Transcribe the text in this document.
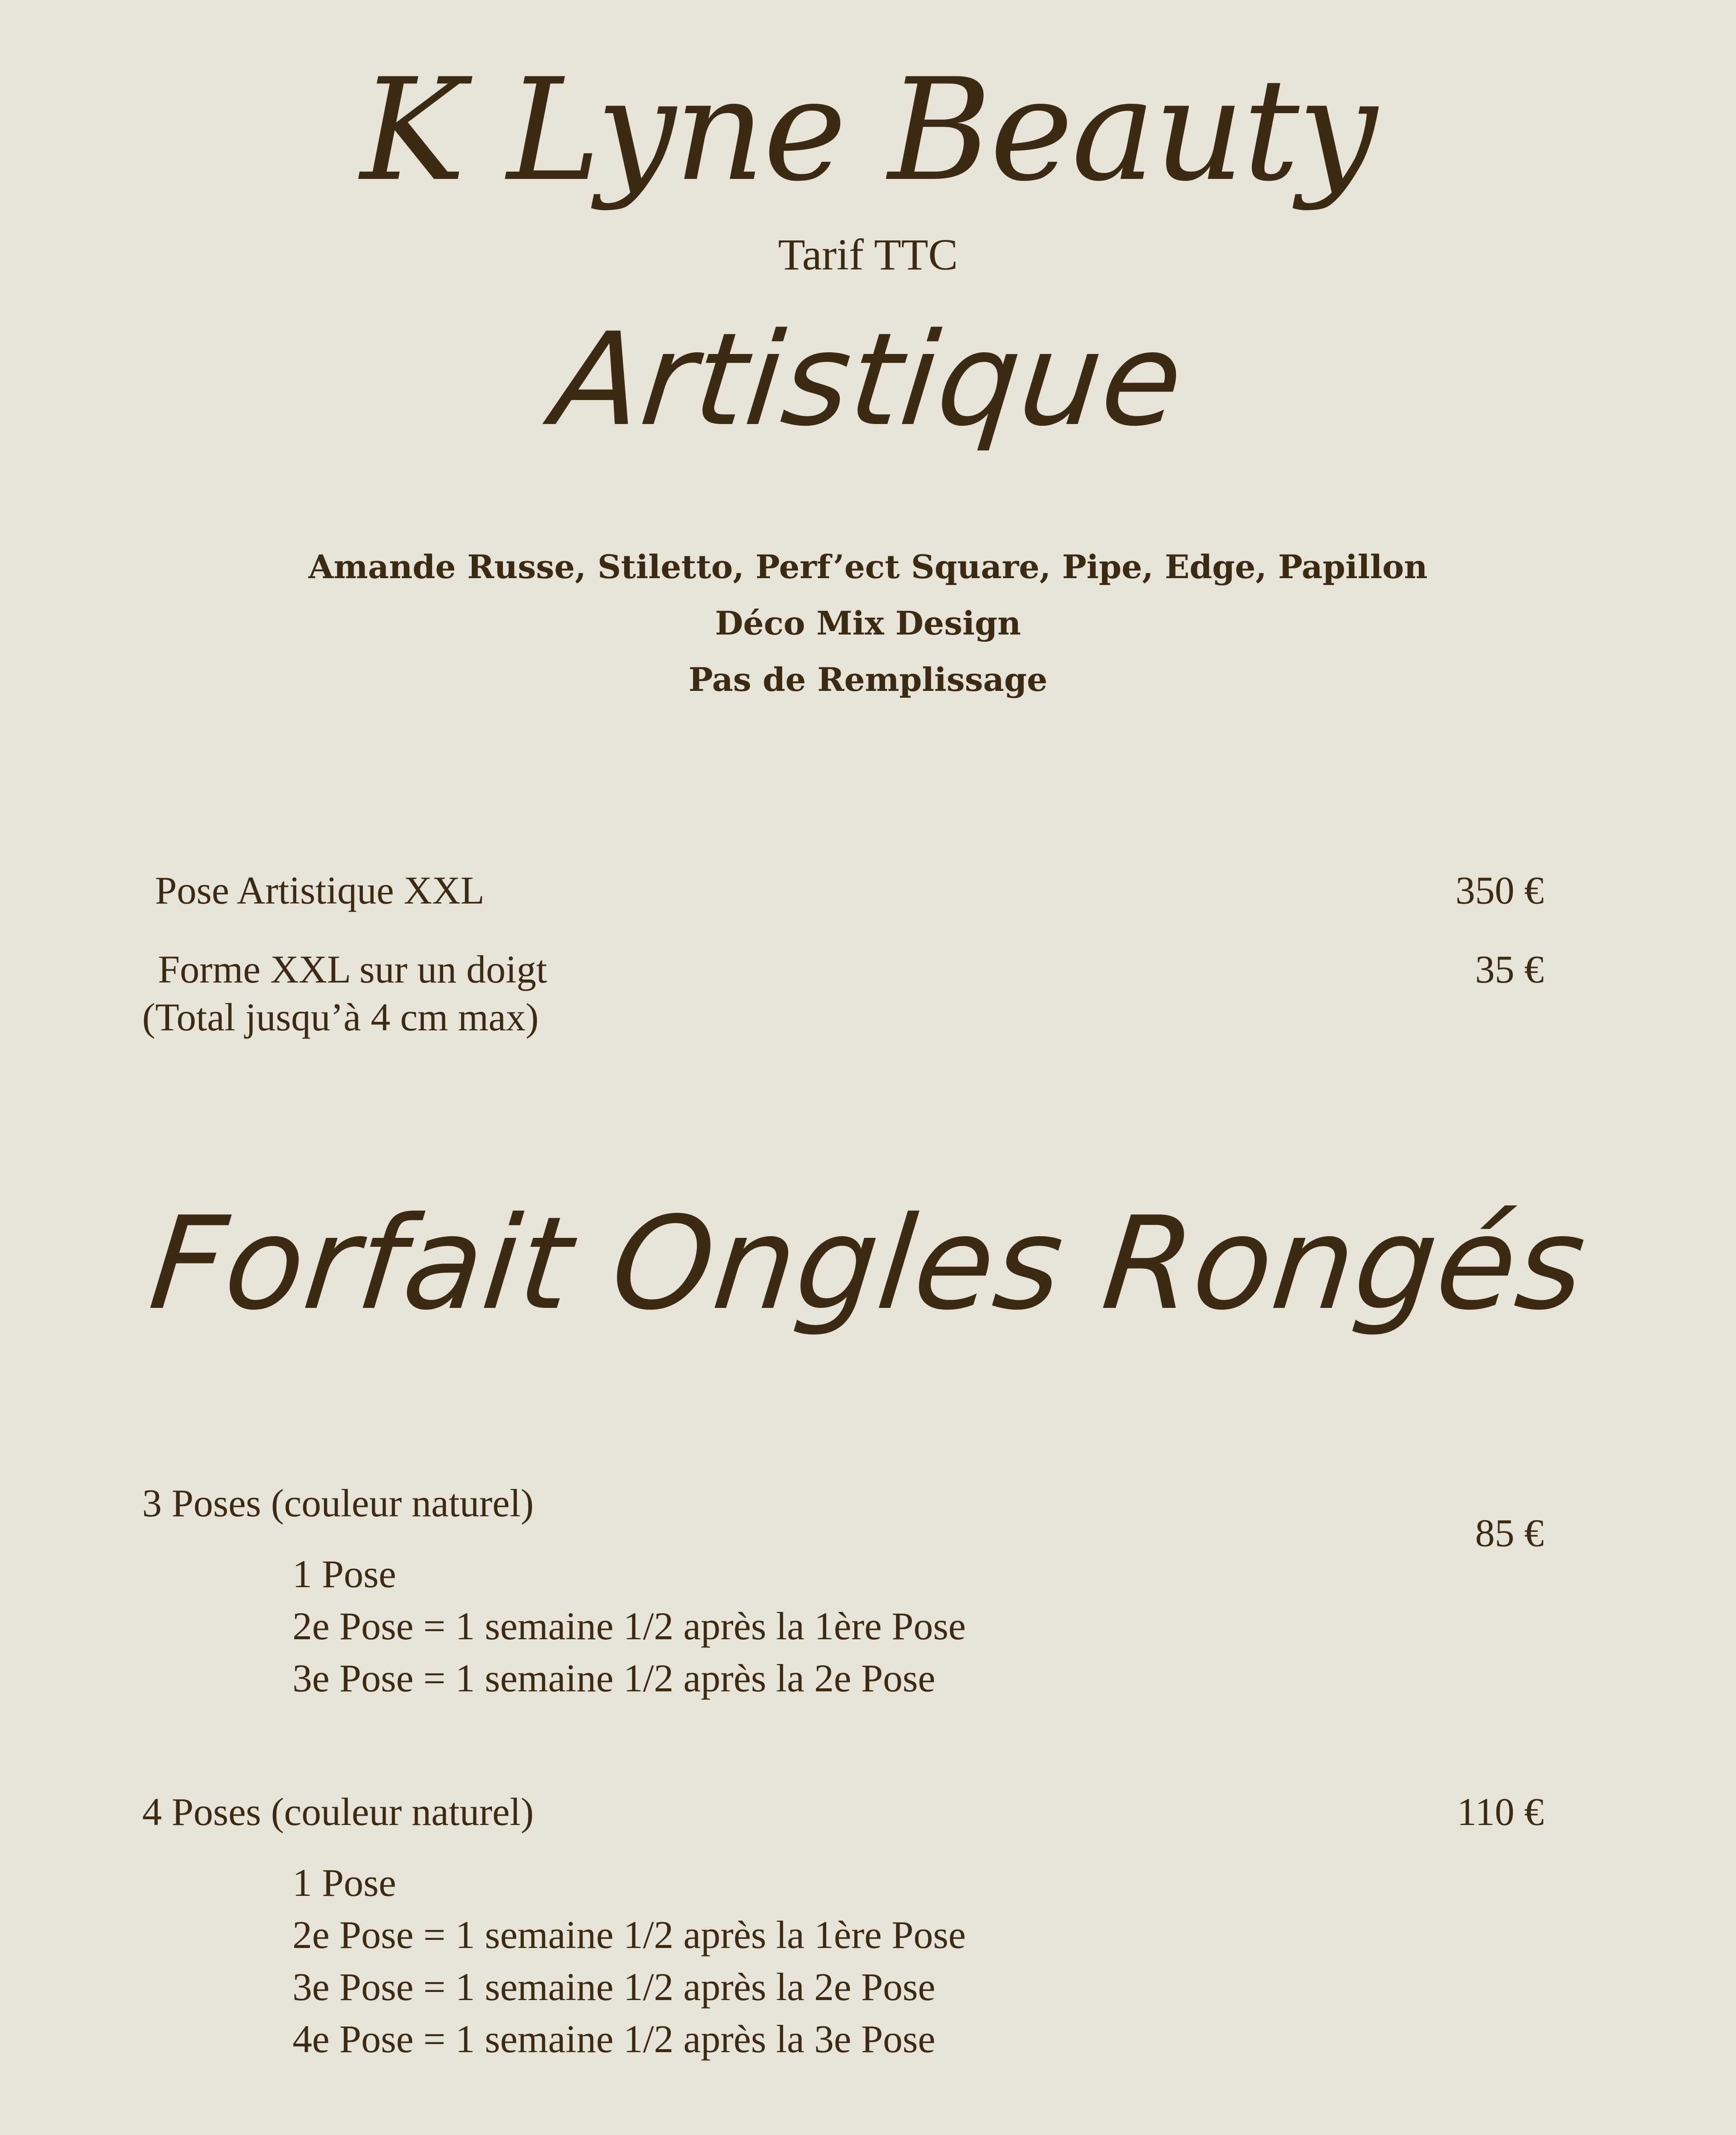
K Lyne Beauty
Tarif TTC
Artistique
Amande Russe, Stiletto, Perf’ect Square, Pipe, Edge, Papillon
Déco Mix Design
Pas de Remplissage
Pose Artistique XXL	350 €
Forme XXL sur un doigt
(Total jusqu’à 4 cm max)
35 €
Forfait Ongles Rongés
3 Poses (couleur naturel)
85 €
1 Pose
2e Pose = 1 semaine 1/2 après la 1ère Pose
3e Pose = 1 semaine 1/2 après la 2e Pose
4 Poses (couleur naturel)	110 €
1 Pose
2e Pose = 1 semaine 1/2 après la 1ère Pose
3e Pose = 1 semaine 1/2 après la 2e Pose
4e Pose = 1 semaine 1/2 après la 3e Pose
